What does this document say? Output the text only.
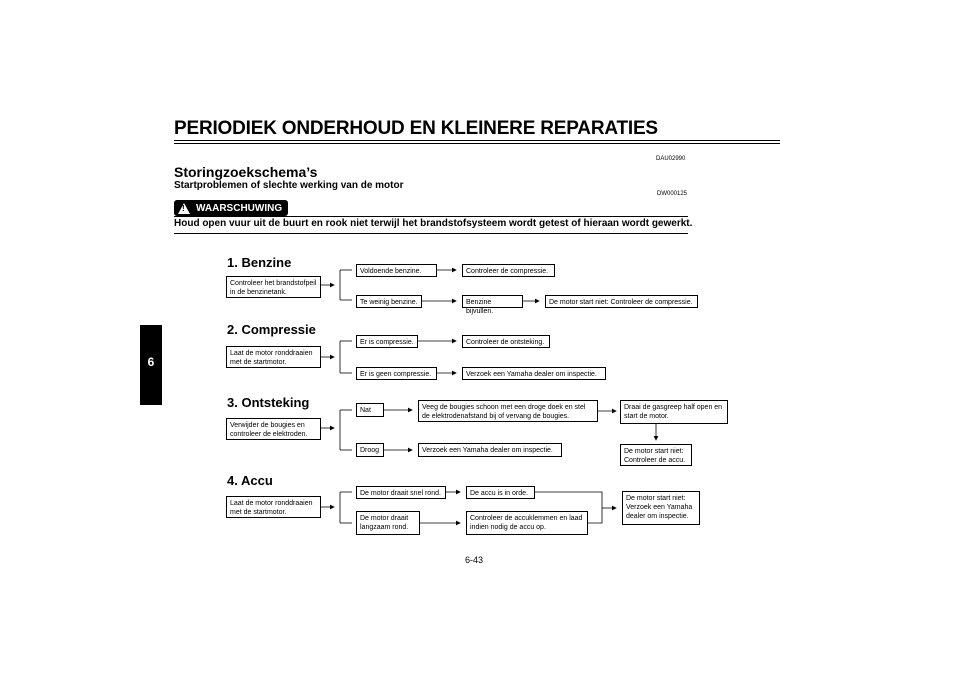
PERIODIEK ONDERHOUD EN KLEINERE REPARATIES
6
DAU02990
Storingzoekschema’s
Startproblemen of slechte werking van de motor
DW000125
! WAARSCHUWING
Houd open vuur uit de buurt en rook niet terwijl het brandstofsysteem wordt getest of hieraan wordt gewerkt.
1. Benzine
Controleer het brandstofpeil in de benzinetank.
Voldoende benzine.	Controleer de compressie.
Te weinig benzine.	Benzine bijvullen.
De motor start niet: Controleer de compressie.
2. Compressie
Laat de motor ronddraaien met de startmotor.
Er is compressie.	Controleer de ontsteking.
Er is geen compressie.	Verzoek een Yamaha dealer om inspectie.
3. Ontsteking
Verwijder de bougies en controleer de elektroden.
Nat	Veeg de bougies schoon met een droge doek en stel de elektrodenafstand bij of vervang de bougies.
Draai de gasgreep half open en start de motor.
De motor start niet: Controleer de accu.
Droog	Verzoek een Yamaha dealer om inspectie.
4. Accu
Laat de motor ronddraaien met de startmotor.
De motor draait snel rond.	De accu is in orde.
De motor draait langzaam rond.
Controleer de accuklemmen en laad indien nodig de accu op.
De motor start niet: Verzoek een Yamaha dealer om inspectie.
6-43
